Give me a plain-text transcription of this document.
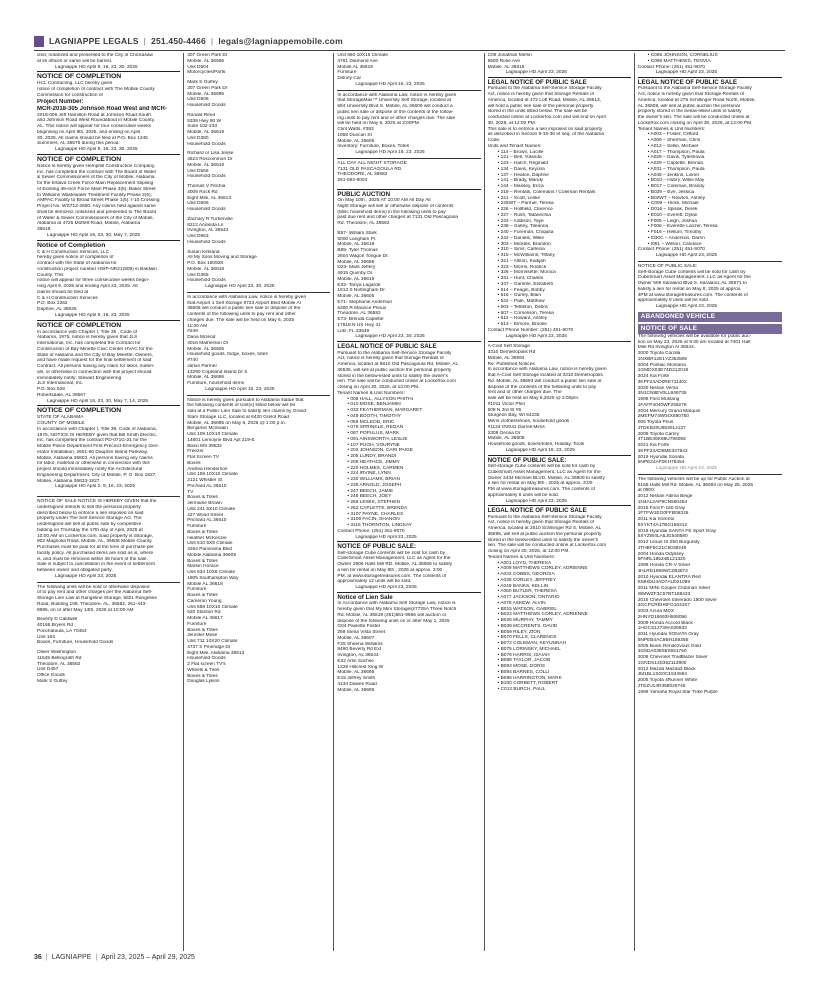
LAGNIAPPE LEGALS | 251.450-4466 | legals@lagniappemobile.com
ized, notarized and presented to the City of Chickasaw
at its offices or same will be barred.
Lagniappe HD April 9, 16, 23, 30, 2025
NOTICE OF COMPLETION
HCL Contracting, LLC hereby gives
notice of completion of contract with The Mobile County
Commission for construction of
Project Number:
MCR-2018-305 Johnson Road West and MCR-
2018-006 Jeff Hamilton Road at Johnson Road South
and Johnson Road West Roundabout in Mobile County,
AL. This notice will appear for four consecutive weeks
beginning on April 9th, 2025, and ending on April
30, 2025. All claims should be filed at P.O. Box 1245
Summers, AL 36575 during this period.
Lagniappe HD April 9, 16, 23, 30, 2025
NOTICE OF COMPLETION
Notice is hereby given Hemphill Construction Company,
Inc. has completed the contract with The Board of Water
& Sewer Commissioners of the City of Mobile, Alabama
for the Eslava Creek Force Main Replacement Slipliing
of Existing 48-inch Force Main Phase 3(5): Baker Street
to Williams Wastewater Treatment Facility Phase 2(5);
AMPAC Facility to Broad Street Phase 1(5): I-10 Crossing
Project No. WS712-2650. Any claims held against same
shall be itemized, notarized and presented to The Board
of Water & Sewer Commissioners of the City of Mobile,
Alabama at 4725 Moffett Road, Mobile, Alabama
36618.
Lagniappe HD April 16, 23, 30, May 7, 2025
Notice of Completion
C & H Construction Services, LLC
hereby gives notice of completion of
contract with the State of Alabama for
construction project number HSIP-NR21(909) in Baldwin
County. This
notice will appear for three consecutive weeks begin-
ning April 9, 2025 and ending April 23, 2025. All
claims should be filed at
C & H Construction Services
P.O. Box 2252
Daphne, AL 36526
Lagniappe HD April 9, 16, 23, 2025
NOTICE OF COMPLETION
In accordance with Chapter I, Title 39 , Code of
Alabama, 1975, notice is hereby given that JLS
International, Inc. has completed the Contract for
Construction of Bay Minette Civic Center HVAC for the
State of Alabama and the City of Bay Minette, Owners,
and have made request for the final settlement of said
Contract. All persons having any claim for labor, materi-
als, or otherwise in connection with this project should
immediately notify: Stewart Engineering
JLS International, Inc.
P.O. Box 928
Robertsdale, AL 36567
Lagniappe HD April 16, 23, 30, May 7, 14, 2025
NOTICE OF COMPLETION
STATE OF ALABAMA
COUNTY OF MOBILE
In accordance with Chapter I, Title 39, Code of Alabama,
1975, NOTICE IS HEREBY given that Bill Smith Electric,
Inc. has completed the contract PD-071G-21 for the
Mobile Police Department First Precinct-Emergency Gen-
erator Installation, 2601-60 Dauphin Island Parkway,
Mobile, Alabama 36603. All persons having any claims
for labor, material or otherwise in connection with this
project should immediately notify the Architectural
Engineering Department, City of Mobile, P. O. Box 1827,
Mobile, Alabama 36633-1827.
Lagniappe HD April 2, 9, 16, 23, 2025
NOTICE OF SALE NOTICE IS HEREBY GIVEN that the
undersigned intends to sell the personal property
described below to enforce a lien imposed on said
property under The Self Service Storage Act. The
undersigned will sell at public sale by competitive
bidding on Thursday the 17th day of April, 2025 at
10:00 AM on Lockerfox.com. Said property is iStorage,
902 Magnolia Road, Mobile, AL, 36606 Mobile County.
Purchases must be paid for at the time of purchase per
facility policy. All purchased items are sold as is, where
is, and must be removed within 48 hours of the sale.
Sale is subject to cancellation in the event of settlement
between owner and obligated party.
Lagniappe HD April 23, 2025
The following units will be sold or otherwise disposed
of to pay rent and other charges per the Alabama Self-
Storage Lien Law at Rangeline Storage, 5821 Rangeline
Road, Building 108, Theodore, AL, 36582, 251-443-
8995, on or after May 14th, 2025 at 10:00 AM
Beverly D Caldwell
40168 Bryers Rd
Ponchatoula, LA 70454
Unit 184
Boxes, Furniture, Household Goods
Oliver Washington
11545 Bellingrath Rd
Theodore, AL 36582
Unit D457
Office Goods
Mark S Guffey
307 Green Park Dr
Mobile, AL 36695
Unit D504
Motorcycles/Parts
Mark S Guffey
307 Green Park Dr
Mobile, AL 36695
Unit D508
Household Goods
Ronald Reed
5339 Hwy 90 W
Suite 102-233
Mobile, AL 36619
Unit D380
Household Goods
Richard or Lisa Jesse
4523 Roscommon Dr
Mobile, AL 36619
Unit D556
Household Goods
Thomas V Filichia
4009 Rock Rd
Eight Mile, AL 36613
Unit D608
Household Goods
Zachary R Turberville
8212 Amanda Ln
Irvington, AL 36544
Unit D663
Household Goods
Susan Kirkland
All My Sons Moving and Storage
P.O. Box 180928
Mobile, AL 36618
Unit D355
Household Goods
Lagniappe HD April 23, 30, 2025
In accordance with Alabama Law, notice is hereby given
that Airport 1 Self Storage 9723 Airport Blvd Mobile Al
36608 will conduct a public lien sale or dispose of the
contents of the following units to pay rent and other
charges due. The sale will be held on May 6, 2025
11:00 AM
#248
Dana Mcleod
4016 Matherson Dr
Mobile, AL 36605
Household goods, fridge, boxes, totes
#740
Jamie Parmer
13290 Copeland Island Dr S
Mobile, AL 36695
Furniture, household items
Lagniappe HD April 16, 23, 2025
Notice is hereby given pursuant to Alabama statue that
the following contents of Unit(s) listed below will be
sold at a Public Lien Sale to satisfy lien claims by Grand
Slam Storage LLC, located at 6420 Grelot Road
Mobile, AL 36695 on May 6, 2025 @ 1:00 p.m.
Benjamin McSwain
Unit 109 10X10 Climate
14801 Lemoyne Blvd Apt 219-E
Biloxi MS 39532
Freezer
Flat Screen TV
Boxes
Andrea Henderson
Unit 158 10X10 Climate
2121 Whistler St
Prichard AL 36610
TV
Boxes & Totes
Jermaine Brown
Unit 241 5X10 Climate
427 Wood Street
Prichard AL 36610
Furniture
Boxes & Totes
Heather McKenzie
Unit 610 5X8 Climate
4264 Panorama Blvd
Mobile Alabama 36609
Boxes & Totes
Marlon Horace
Unit 634 10X8 Climate
1805 Southampton Way
Mobile AL 36618
Furniture
Boxes & Totes
Cameron Young
Unit 688 10X10 Climate
520 Stanton Rd
Mobile AL 36617
Furniture
Boxes & Totes
Jennifer Mose
Unit 711 10X20 Climate
4737 S Pineridge Dr
Eight Mile, Alabama 36613
Household Goods
2 Flat screen TV's
Wheels & Tires
Boxes & Totes
Douglas Lykins
Unit 850 10X15 Climate
4761 Diamond Ave
Mobile AL 36619
Furniture
Disney Car
Lagniappe HD April 16, 23, 2025
In accordance with Alabama Law, notice is hereby given
that StorageMax™ University Self Storage, located at
684 University Blvd S. Mobile, AL 36609 will conduct a
public lien sale or dispose of the contents of the follow-
ing units to pay rent and or other charges due. The sale
will be held on May 6, 2025 at 3:00PM
Clint Watts, #393
1958 Duncan St
Mobile, AL 36606
Inventory: Furniture, Boxes, Totes
Lagniappe HD April 16, 23, 2025
ALL DAY ALL NIGHT STORAGE
7131 OLD PASCAGOULA RD.
THEODORE, AL 36582
251-653-9004
PUBLIC AUCTION
On May 10th , 2025 AT 10:00 AM All Day All
Night Storage will sell or otherwise dispose of contents
(Misc household items) in the following units to pay
past due rent and other charges at 7131 Old Pascagoula
Rd. Theodore, AL 36582
B57- William Stark
5000 Langham Pl.
Mobile, AL 36619
B89- Tyler Thomas
2604 Wagon Tongue Dr.
Mobile, AL 36695
D23- Mark Jeffery
4915 Quimby Dr.
Mobile, AL 36619
E32- Tanya Lagarde
1813 S Nottingham Dr.
Mobile, AL 36605
E71- Stephanie Anderson
6300 R Maurice Prioux
Theodore, AL 36582
E73- Brenda Caplette
17618 N US Hwy 41
Lutz, FL 33549
Lagniappe HD April 23, 30, 2025
LEGAL NOTICE OF PUBLIC SALE
Pursuant to the Alabama Self-Service Storage Facility
Act, notice is hereby given that Storage Rentals of
America, located at 5810 Old Pascagoula Rd, Mobile, AL
36535, will sell at public auction the personal property
stored in the below-listed units to satisfy the owner's
lien. The sale will be conducted online at Lockerfox.com
closing on April 30, 2025, at 12:00 PM.
Tenant Names & Unit Numbers:
• 008 HALL, ALLYSON PHITHI
• 010 MOSE, BENJAMIN
• 033 FEATHERMAN, MARGARET
• 048 BOOTH, TIMOTHY
• 059 MCLEOD, ERIC
• 075 SPRINKLE, REGAN
• 087 POPULUS, MARK
• 091 AINSWORTH, LESLIE
• 107 PUGH, VOURYNE
• 202 JOHNSON, CARI PAIGE
• 205 LUNDY, BRANDI
• 208 HEATHCE, JIMMY
• 220 HOLMES, CARMEN
• 224 IRVINE, LYNN
• 230 WILLIAMS, BRIAN
• 236 ARNOLD, JOSEPH
• 247 BEECH, JAMIE
• 248 BEECH, JOEY
• 255 LEWIS, STEPHEN
• 262 CAPLETTE, BRENDA
• 3107 PAYNE, CHARLES
• 3109 FACIN, SHANON
• 3116 THORNTON, LINDSAY
Contact Phone: (251) 451-9070
Lagniappe HD April 23, 2025
NOTICE OF PUBLIC SALE:
Self-storage Cube contents will be sold for cash by
CubeSmart Asset Management, LLC as Agent for the
Owner 2906 Halls Mill RD. Mobile, AL 36606 to satisfy
a lien for rental on May 8th , 2025 at approx. 3:00
PM. at www.storagetreasures.com. The contents of
approximately 12 units will be sold.
Lagniappe HD April 23, 2025
Notice of Lien Sale
In Accordance with Alabama Self Storage Law, notice is
hereby given that My Mini Storage@7725A Three Notch
Rd. Mobile, AL 36619 (251)661-9566 will auction or
dispose of the following units on or after May 1, 2025
G04 Paulette Foster
269 Siena Vista Street
Mobile, AL 36607
F25 Sheena Williams
8460 Beverly Rd Ext
Irvington, AL 36544
E22 Arlin Sachse
1228 Hillcrest Xing W
Mobile, AL 36695
E15 Jeffrey Smith
4134 Dawes Road
Mobile, AL 36695
C08 Jonathan Merlin
6500 Rose Ave
Mobile, AL 36619
Lagniappe HD April 23, 2025
LEGAL NOTICE OF PUBLIC SALE
Pursuant to the Alabama Self-Service Storage Facility
Act, notice is hereby given that Storage Rentals of
America, located at 472 Lott Road, Mobile, AL 36613,
will hold a public lien sale of the personal property
stored in the units listed below. The sale will be
conducted online at Lockerfox.com and will end on April
30, 2025, at 12:00 PM.
This sale is to enforce a lien imposed on said property
as described in Section 8-15-30 et seq. of the Alabama
Code.
Units and Tenant Names:
• 114 – Brown, Lucille
• 121 – Bell, Yolanda
• 123 – Hatch, Reginald
• 134 – Davis, Keyona
• 137 – Heaton, Daphne
• 141 – Brady, Mandy
• 144 – Massey, Erica
• 219 – Rentals, Colemans / Coleman Rentals
• 221 – Scott, Leslie
• 225WT – Parmer, Teresa
• 226 – Hollfield, Clarence
• 227 – Rush, Tatanechia
• 232 – Addison, Taye
• 238 – Gulley, Titeanna
• 240 – Foreman, Chiquita
• 242 – Daniels, Willie
• 303 – Mickles, Brandon
• 310 – Sims, Carlecia
• 315 – McWilliams, Tiffany
• 321 – Alston, Kadijah
• 323 – Morris, Rodrick
• 326 – Morrissette, Monica
• 331 – Hunt, Charles
• 347 – Gamble, Elizabeth
• 514 – Feagin, Bobby
• 516 – Gurley, Blain
• 522 – Pate, Matthew
• 603 – Tettleton, Debra
• 607 – Cornelison, Teresa
• 612 – Howard, Ashley
• 613 – Elmore, Brooke
Contact Phone Number: (251) 451-9070
Lagniappe HD April 23, 2025
A-Cool Self Storage
3310 Demetropolis Rd
Mobile, AL 36693
Re: Published Notices
In accordance with Alabama Law, notice is hereby given
that A-Cool Self Storage located at 3310 Demetropolis
Rd. Mobile, AL 36693 will conduct a public lien sale or
dispose of the contents of the following units to pay
rent and or other charges due. The
sale will be held on May 6,2025 @ 2:00pm.
#1011 Victor Phiri
608 N 3rd St #5
Sturgeon Bay, WI 54235
Mens clothes/shoes, household goods
#1124 /#2041 Darrell Mims
2308 Genoa Dr
Mobile, AL 36609
Household goods, boxes/totes, Holiday, Tools
Lagniappe HD April 16, 23, 2025
NOTICE OF PUBLIC SALE:
Self-storage Cube contents will be sold for cash by
CubeSmart Asset Management, LLC as Agent for the
Owner 3434 Michael BLVD. Mobile, AL 36609 to satisfy
a lien for rental on May 8th , 2025 at approx. 3:00
PM at www.storagetreasures.com. The contents of
approximately 6 units will be sold.
Lagniappe HD April 23, 2025
LEGAL NOTICE OF PUBLIC SALE
Pursuant to the Alabama Self-Service Storage Facility
Act, notice is hereby given that Storage Rentals of
America, located at 2610 Schillinger Rd S, Mobile, AL
36695, will sell at public auction the personal property
stored in the below-listed units to satisfy the owner's
lien. The sale will be conducted online at Lockerfox.com
closing on April 30, 2025, at 12:00 PM.
Tenant Names & Unit Numbers:
• A001 LOYD, THERESA
• A009 MATTHEWS CORLEY, ADRIENNE
• A032 COBBS, GEORGIA
• A035 CORLEY, JEFFREY
• A049 BANKS, KELLIN
• A060 BUTLER, THERESA
• A077 JACKSON, ONTARIO
• A078 ASKEW, ALVIN
• B015 WATSON, GABRIEL
• B022 MATTHEWS CORLEY, ADRIENNE
• B026 MURPHY, TAMMY
• B039 MCCRENTS, DAVID
• B059 RILEY, ZION
• B070 FELLS, CLARENCE
• B072 COLEMAN, KEYUNNAH
• B075 LORINSKY, MICHAEL
• B076 HARRIS, ISAIAH
• B088 TAYLOR, JACOB
• B093 MOSE, DORIS
• B094 BARNES, COLLI
• B095 HARRINGTON, MARK
• B100 CORBETT, ROBERT
• C012 BURCH, PAUL
• C065 JOHNSON, CORNELIUS
• C086 MATTHEWS, TENVIA
Contact Phone: (251) 451-9070
Lagniappe HD April 23, 2025
LEGAL NOTICE OF PUBLIC SALE
Pursuant to the Alabama Self-Service Storage Facility
Act, notice is hereby given that Storage Rentals of
America, located at 275 Schillinger Road North, Mobile,
AL 36608, will sell at public auction the personal
property stored in the below-listed units to satisfy
the owner's lien. The sale will be conducted online at
Lockerfox.com closing on April 30, 2025, at 12:00 PM.
Tenant Names & Unit Numbers:
• A003 – Foster, Clifford
• A009 – Sherman, Chris
• A012 – Sellie, Michael
• A017 – Thompson, Paula
• A028 – Davis, Tyleshovia
• A029 – Caplette, Brenda
• A031 – Thompson, Paula
• A048 – Jenkins, Lionel
• B010 – Hubry, Willie May
• B017 – Coleman, Brandy
• B029 – Eve, Jessica
• B02WT – Newton, Ashley
• C009 – Hicks, Michael
• D016 – Spisak, Derek
• E010 – Everett, Dylan
• F005 – Leigh, Joshua
• F006 – Everette Lanzer, Teresa
• F016 – Hellum, Timothy
• I030C – Anderson, Darrin
• I051 – Wilson, Candace
Contact Phone: (251) 451-9070
Lagniappe HD April 23, 2025
NOTICE OF PUBLIC SALE:
Self-storage Cube contents will be sold for cash by
CubeSmart Asset Management, LLC as Agent for the
Owner 509 Saraland Blvd S. Saraland, AL 36571 to
satisfy a lien for rental on May 8, 2025 at approx.
4PM at www.storagetreasures.com. The contents of
approximately 8 units will be sold.
Lagniappe HD April 23, 2025
ABANDONED VEHICLE
NOTICE OF SALE
The following vehicles will be available for public auc-
tion on May 23, 2025 at 9:30 am located at 7401 Half
Mile Rd Irvington Al 36544.
2000 Toyota Corolla
1NXBR12E1YZ353506
2004 Pontiac Montana
1GMDX03E74D212019
2024 Kia Forte
3KPF24AD0RE711402
2020 Nissan Versa
3N1CN8EV0LL849735
1998 Ford Mustang
1FAFP4040WF259279
2004 Mercury Grand Marquis
2MEFM74W04X690750
005 Toyota Prius
JTDKB20U953012137
2009 Toyota Camry
4T1BE46K89U796055
2021 Kia Forte
3KPF24AD5ME347642
2019 Hyundai Sonata
5NPE24AF0KH76454
Lagniappe HD April 23, 2025
The following vehicles will be up for Public Auction at
5155 Halls Mill Rd. Mobile, AL 36693 on May 28, 2025
at 0900:
2012 Nissan Altima Beige
1N4AL2AP9CN560454
2015 Ford F-150 Gray
1FTFW1EG0FFB06326
2011 Kia Sorento
5XYKT4A17BG159212
2018 Hyundai SANTA FE Sport Gray
5XYZW4LA5JG548590
2012 Lexus IS 250 Burgundy
JTHBF5C21C5038248
2004 Honda Odyssey
5FNRL18524B121320
1998 Honda CR-V Silver
JHLRD1868WC084672
2010 Hyundai ELANTRA Red
KMHDU4AD7AU021089
2011 MINI Cooper Clubman Silver
WMWZF3C57BT188433
2015 Chevrolet Silverado 1500 Silver
3GCPCREH6FG104197
2003 Acura MDX
2HNYD18693H508056
2009 Honda Accord Black
1HGCS12739A026833
2011 Hyundai SONATA Gray
5NPEB4AC8BH159355
2005 Buick Rendezvous Gold
3G5DA03E55S551750
2006 Chevrolet TrailBlazer Silver
1GNDS13S362113900
2012 Mazda Mazda3 Black
JM1BL1SG0C1534594
2005 Toyota 4Runner White
JTEZU14R358029745
1996 Yamaha Royal Star Trike Purple
36 | LAGNIAPPE | April 23, 2025 – April 29, 2025
